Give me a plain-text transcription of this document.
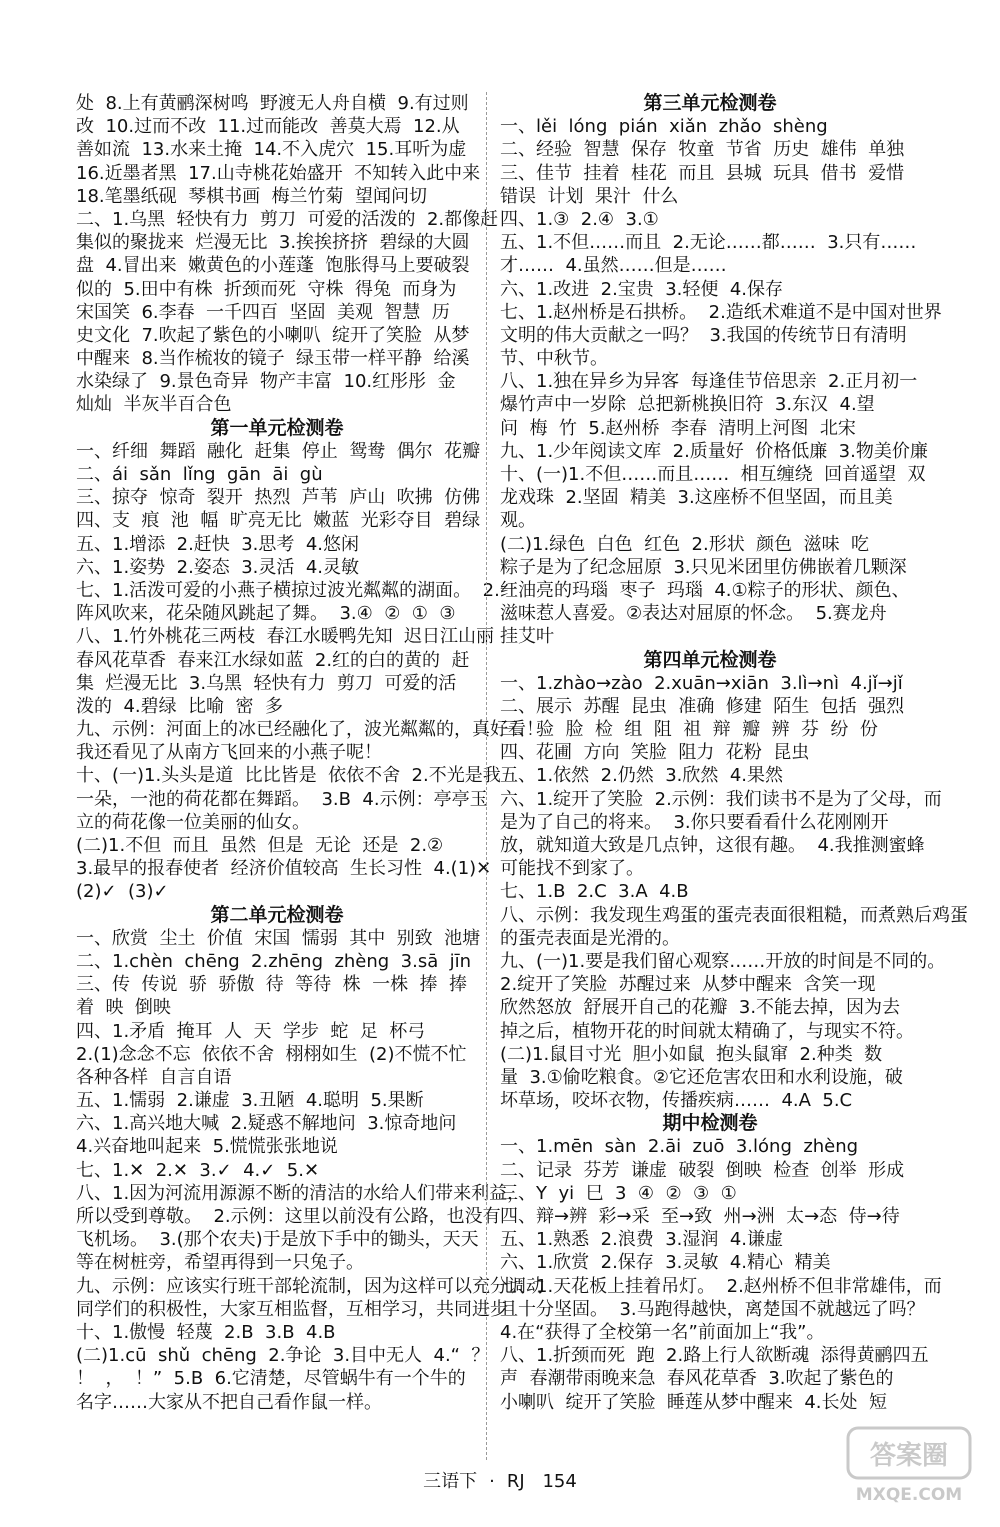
处  8.上有黄鹂深树鸣  野渡无人舟自横  9.有过则
改  10.过而不改  11.过而能改  善莫大焉  12.从
善如流  13.水来土掩  14.不入虎穴  15.耳听为虚
16.近墨者黑  17.山寺桃花始盛开  不知转入此中来
18.笔墨纸砚  琴棋书画  梅兰竹菊  望闻问切
二、1.乌黑  轻快有力  剪刀  可爱的活泼的  2.都像赶
集似的聚拢来  烂漫无比  3.挨挨挤挤  碧绿的大圆
盘  4.冒出来  嫩黄色的小莲蓬  饱胀得马上要破裂
似的  5.田中有株  折颈而死  守株  得兔  而身为
宋国笑  6.李春  一千四百  坚固  美观  智慧  历
史文化  7.吹起了紫色的小喇叭  绽开了笑脸  从梦
中醒来  8.当作梳妆的镜子  绿玉带一样平静  给溪
水染绿了  9.景色奇异  物产丰富  10.红彤彤  金
灿灿  半灰半百合色
第一单元检测卷
一、纤细  舞蹈  融化  赶集  停止  鸳鸯  偶尔  花瓣
二、ái  sǎn  lǐng  gān  āi  gù
三、掠夺  惊奇  裂开  热烈  芦苇  庐山  吹拂  仿佛
四、支  痕  池  幅  旷亮无比  嫩蓝  光彩夺目  碧绿
五、1.增添  2.赶快  3.思考  4.悠闲
六、1.姿势  2.姿态  3.灵活  4.灵敏
七、1.活泼可爱的小燕子横掠过波光粼粼的湖面。  2.一
阵风吹来，花朵随风跳起了舞。  3.④  ②  ①  ③
八、1.竹外桃花三两枝  春江水暖鸭先知  迟日江山丽
春风花草香  春来江水绿如蓝  2.红的白的黄的  赶
集  烂漫无比  3.乌黑  轻快有力  剪刀  可爱的活
泼的  4.碧绿  比喻  密  多
九、示例：河面上的冰已经融化了，波光粼粼的，真好看！
我还看见了从南方飞回来的小燕子呢！
十、(一)1.头头是道  比比皆是  依依不舍  2.不光是我
一朵，一池的荷花都在舞蹈。  3.B  4.示例：亭亭玉
立的荷花像一位美丽的仙女。
(二)1.不但  而且  虽然  但是  无论  还是  2.②
3.最早的报春使者  经济价值较高  生长习性  4.(1)✕
(2)✓  (3)✓
第二单元检测卷
一、欣赏  尘土  价值  宋国  懦弱  其中  别致  池塘
二、1.chèn  chēng  2.zhēng  zhèng  3.sā  jīn
三、传  传说  骄  骄傲  待  等待  株  一株  捧  捧
着  映  倒映
四、1.矛盾  掩耳  人  天  学步  蛇  足  杯弓
2.(1)念念不忘  依依不舍  栩栩如生  (2)不慌不忙
各种各样  自言自语
五、1.懦弱  2.谦虚  3.丑陋  4.聪明  5.果断
六、1.高兴地大喊  2.疑惑不解地问  3.惊奇地问
4.兴奋地叫起来  5.慌慌张张地说
七、1.✕  2.✕  3.✓  4.✓  5.✕
八、1.因为河流用源源不断的清洁的水给人们带来利益，
所以受到尊敬。  2.示例：这里以前没有公路，也没有
飞机场。  3.(那个农夫)于是放下手中的锄头，天天
等在树桩旁，希望再得到一只兔子。
九、示例：应该实行班干部轮流制，因为这样可以充分调动
同学们的积极性，大家互相监督，互相学习，共同进步
十、1.傲慢  轻蔑  2.B  3.B  4.B
(二)1.cū  shǔ  chēng  2.争论  3.目中无人  4.“  ？
！  ，  ！”  5.B  6.它清楚，尽管蜗牛有一个牛的
名字……大家从不把自己看作鼠一样。
第三单元检测卷
一、lěi  lóng  pián  xiǎn  zhǎo  shèng
二、经验  智慧  保存  牧童  节省  历史  雄伟  单独
三、佳节  挂着  桂花  而且  县城  玩具  借书  爱惜
错误  计划  果汁  什么
四、1.③  2.④  3.①
五、1.不但……而且  2.无论……都……  3.只有……
才……  4.虽然……但是……
六、1.改进  2.宝贵  3.轻便  4.保存
七、1.赵州桥是石拱桥。  2.造纸术难道不是中国对世界
文明的伟大贡献之一吗？  3.我国的传统节日有清明
节、中秋节。
八、1.独在异乡为异客  每逢佳节倍思亲  2.正月初一
爆竹声中一岁除  总把新桃换旧符  3.东汉  4.望
问  梅  竹  5.赵州桥  李春  清明上河图  北宋
九、1.少年阅读文库  2.质量好  价格低廉  3.物美价廉
十、(一)1.不但……而且……  相互缠绕  回首遥望  双
龙戏珠  2.坚固  精美  3.这座桥不但坚固，而且美
观。
(二)1.绿色  白色  红色  2.形状  颜色  滋味  吃
粽子是为了纪念屈原  3.只见米团里仿佛嵌着几颗深
红油亮的玛瑙  枣子  玛瑙  4.①粽子的形状、颜色、
滋味惹人喜爱。②表达对屈原的怀念。  5.赛龙舟
挂艾叶
第四单元检测卷
一、1.zhào→zào  2.xuān→xiān  3.lì→nì  4.jǐ→jǐ
二、展示  苏醒  昆虫  准确  修建  陌生  包括  强烈
三、验  脸  检  组  阻  祖  辩  瓣  辨  芬  纷  份
四、花圃  方向  笑脸  阻力  花粉  昆虫
五、1.依然  2.仍然  3.欣然  4.果然
六、1.绽开了笑脸  2.示例：我们读书不是为了父母，而
是为了自己的将来。  3.你只要看看什么花刚刚开
放，就知道大致是几点钟，这很有趣。  4.我推测蜜蜂
可能找不到家了。
七、1.B  2.C  3.A  4.B
八、示例：我发现生鸡蛋的蛋壳表面很粗糙，而煮熟后鸡蛋
的蛋壳表面是光滑的。
九、(一)1.要是我们留心观察……开放的时间是不同的。
2.绽开了笑脸  苏醒过来  从梦中醒来  含笑一现
欣然怒放  舒展开自己的花瓣  3.不能去掉，因为去
掉之后，植物开花的时间就太精确了，与现实不符。
(二)1.鼠目寸光  胆小如鼠  抱头鼠窜  2.种类  数
量  3.①偷吃粮食。②它还危害农田和水利设施，破
坏草场，咬坏衣物，传播疾病……  4.A  5.C
期中检测卷
一、1.mēn  sàn  2.āi  zuō  3.lóng  zhèng
二、记录  芬芳  谦虚  破裂  倒映  检查  创举  形成
三、Y  yi  巳  3  ④  ②  ③  ①
四、辩→辨  彩→采  至→致  州→洲  太→态  侍→待
五、1.熟悉  2.浪费  3.湿润  4.谦虚
六、1.欣赏  2.保存  3.灵敏  4.精心  精美
七、1.天花板上挂着吊灯。  2.赵州桥不但非常雄伟，而
且十分坚固。  3.马跑得越快，离楚国不就越远了吗？
4.在“获得了全校第一名”前面加上“我”。
八、1.折颈而死  跑  2.路上行人欲断魂  添得黄鹂四五
声  春潮带雨晚来急  春风花草香  3.吹起了紫色的
小喇叭  绽开了笑脸  睡莲从梦中醒来  4.长处  短
三语下 · RJ 154
答案圈
MXQE.COM
